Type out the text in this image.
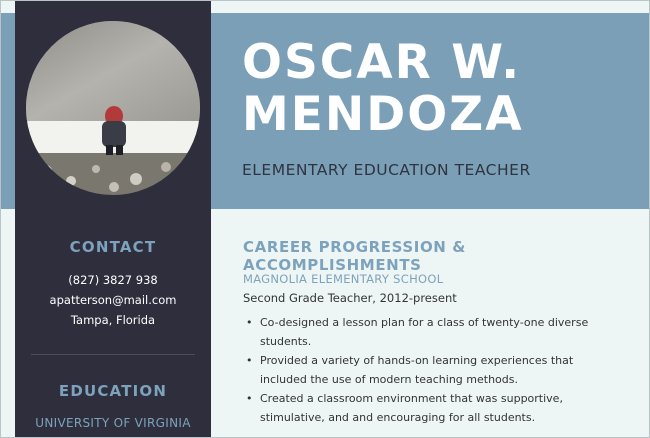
CONTACT
(827) 3827 938
apatterson@mail.com
Tampa, Florida
EDUCATION
UNIVERSITY OF VIRGINIA
OSCAR W.
MENDOZA
ELEMENTARY EDUCATION TEACHER
CAREER PROGRESSION & ACCOMPLISHMENTS
MAGNOLIA ELEMENTARY SCHOOL
Second Grade Teacher, 2012-present
• Co-designed a lesson plan for a class of twenty-one diverse students.
• Provided a variety of hands-on learning experiences that included the use of modern teaching methods.
• Created a classroom environment that was supportive, stimulative, and and encouraging for all students.
